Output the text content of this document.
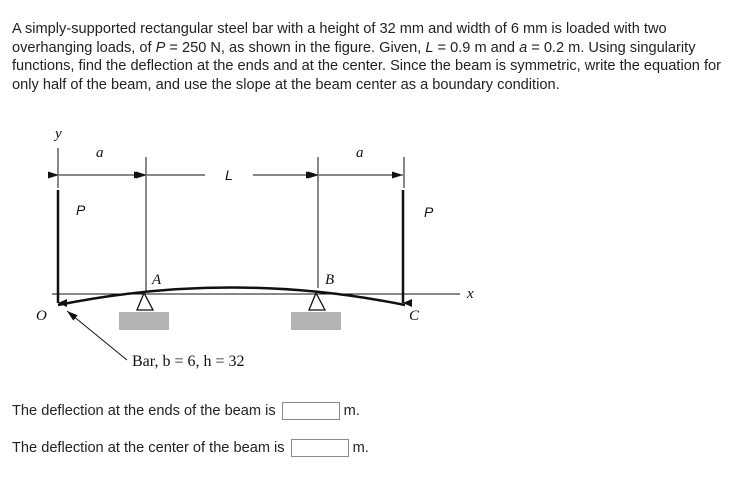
A simply-supported rectangular steel bar with a height of 32 mm and width of 6 mm is loaded with two overhanging loads, of P = 250 N, as shown in the figure. Given, L = 0.9 m and a = 0.2 m. Using singularity functions, find the deflection at the ends and at the center. Since the beam is symmetric, write the equation for only half of the beam, and use the slope at the beam center as a boundary condition.
y
a
L
a
P	P
x
O
A	B
C
Bar, b = 6, h = 32
The deflection at the ends of the beam is	m.
The deflection at the center of the beam is	m.
